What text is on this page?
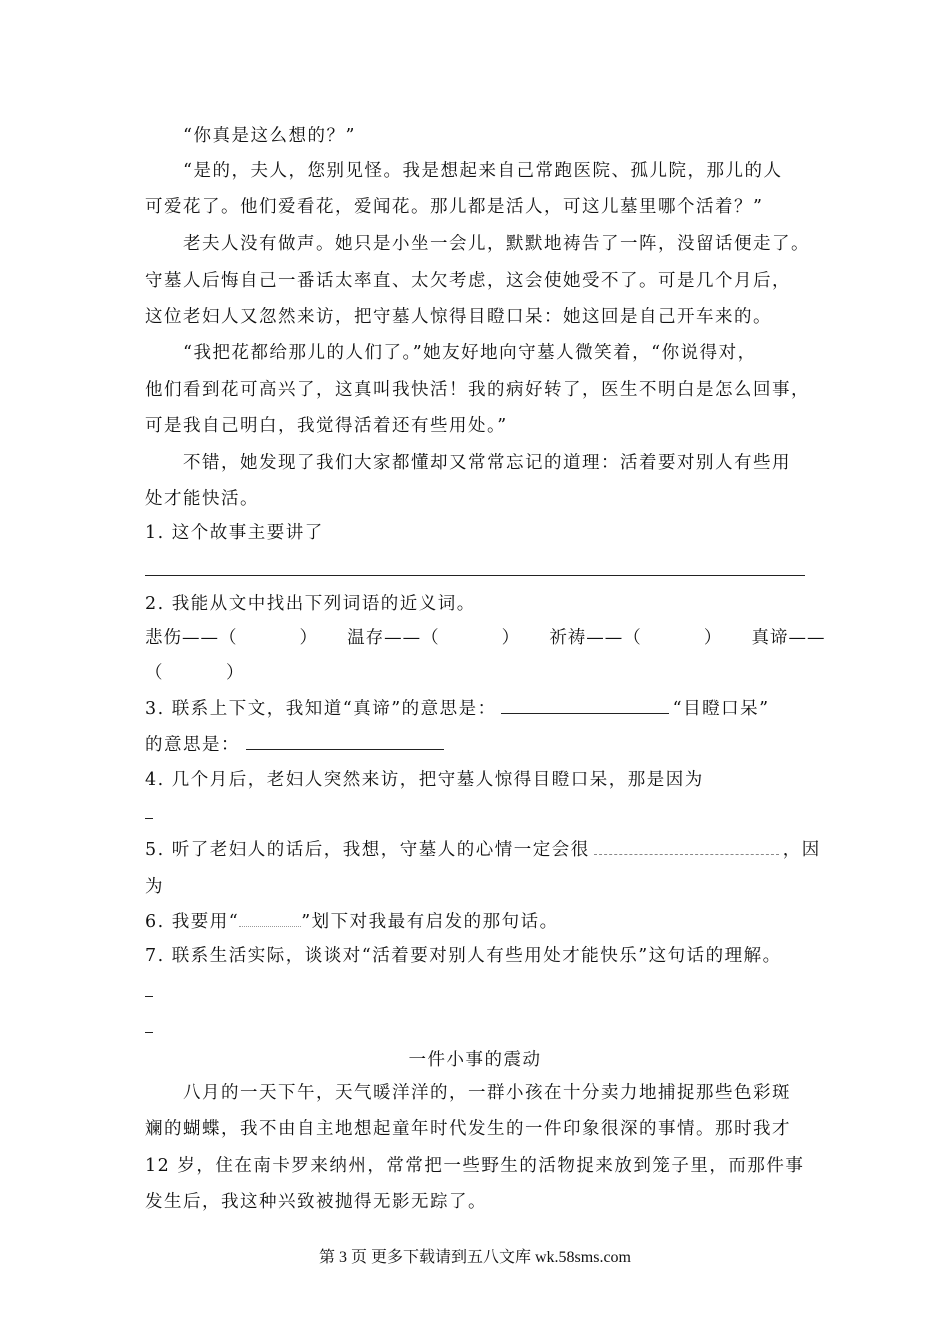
“你真是这么想的？”
“是的，夫人，您别见怪。我是想起来自己常跑医院、孤儿院，那儿的人
可爱花了。他们爱看花，爱闻花。那儿都是活人，可这儿墓里哪个活着？”
老夫人没有做声。她只是小坐一会儿，默默地祷告了一阵，没留话便走了。
守墓人后悔自己一番话太率直、太欠考虑，这会使她受不了。可是几个月后，
这位老妇人又忽然来访，把守墓人惊得目瞪口呆：她这回是自己开车来的。
“我把花都给那儿的人们了。”她友好地向守墓人微笑着，“你说得对，
他们看到花可高兴了，这真叫我快活！我的病好转了，医生不明白是怎么回事，
可是我自己明白，我觉得活着还有些用处。”
不错，她发现了我们大家都懂却又常常忘记的道理：活着要对别人有些用
处才能快活。
1. 这个故事主要讲了
2. 我能从文中找出下列词语的近义词。
悲伤——（	） 温存——（	） 祈祷——（	） 真谛——
（	）
3. 联系上下文，我知道“真谛”的意思是：	“目瞪口呆”
的意思是：
4. 几个月后，老妇人突然来访，把守墓人惊得目瞪口呆，那是因为
5. 听了老妇人的话后，我想，守墓人的心情一定会很	，因
为
6. 我要用“	”划下对我最有启发的那句话。
7. 联系生活实际，谈谈对“活着要对别人有些用处才能快乐”这句话的理解。
一件小事的震动
八月的一天下午，天气暖洋洋的，一群小孩在十分卖力地捕捉那些色彩斑
斓的蝴蝶，我不由自主地想起童年时代发生的一件印象很深的事情。那时我才
12 岁，住在南卡罗来纳州，常常把一些野生的活物捉来放到笼子里，而那件事
发生后，我这种兴致被抛得无影无踪了。
第 3 页 更多下载请到五八文库 wk.58sms.com
